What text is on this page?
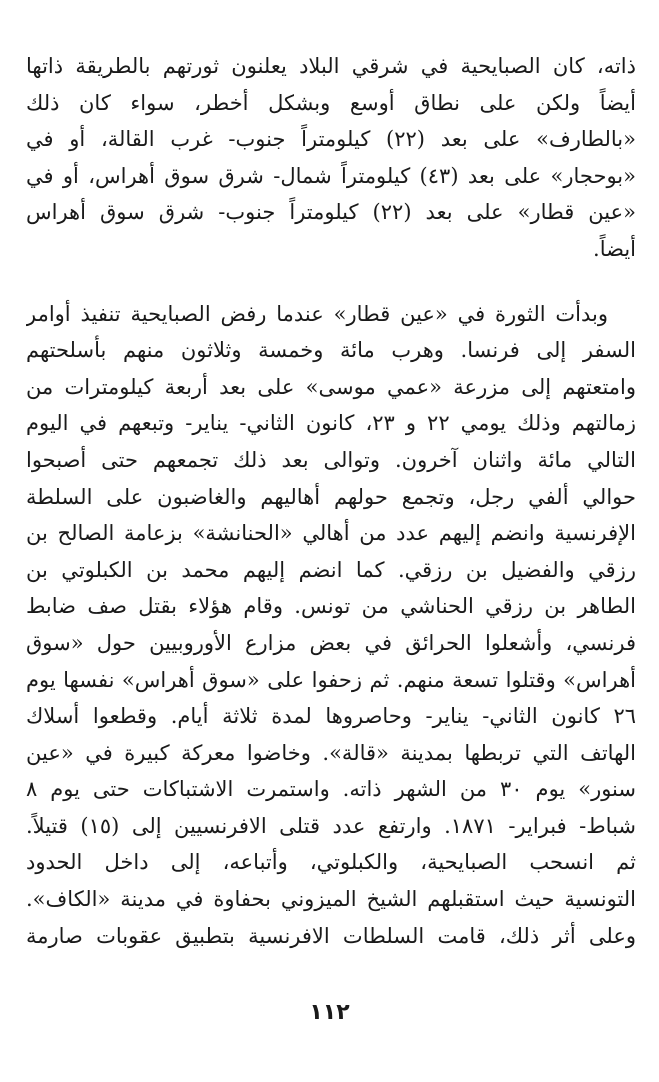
ذاته، كان الصبايحية في شرقي البلاد يعلنون ثورتهم بالطريقة ذاتها
أيضاً ولكن على نطاق أوسع وبشكل أخطر، سواء كان ذلك
«بالطارف» على بعد (٢٢) كيلومتراً جنوب- غرب القالة، أو في
«بوحجار» على بعد (٤٣) كيلومتراً شمال- شرق سوق أهراس، أو في
«عين قطار» على بعد (٢٢) كيلومتراً جنوب- شرق سوق أهراس
أيضاً.
وبدأت الثورة في «عين قطار» عندما رفض الصبايحية تنفيذ أوامر
السفر إلى فرنسا. وهرب مائة وخمسة وثلاثون منهم بأسلحتهم
وامتعتهم إلى مزرعة «عمي موسى» على بعد أربعة كيلومترات من
زمالتهم وذلك يومي ٢٢ و ٢٣، كانون الثاني- يناير- وتبعهم في اليوم
التالي مائة واثنان آخرون. وتوالى بعد ذلك تجمعهم حتى أصبحوا
حوالي ألفي رجل، وتجمع حولهم أهاليهم والغاضبون على السلطة
الإفرنسية وانضم إليهم عدد من أهالي «الحنانشة» بزعامة الصالح بن
رزقي والفضيل بن رزقي. كما انضم إليهم محمد بن الكبلوتي بن
الطاهر بن رزقي الحناشي من تونس. وقام هؤلاء بقتل صف ضابط
فرنسي، وأشعلوا الحرائق في بعض مزارع الأوروبيين حول «سوق
أهراس» وقتلوا تسعة منهم. ثم زحفوا على «سوق أهراس» نفسها يوم
٢٦ كانون الثاني- يناير- وحاصروها لمدة ثلاثة أيام. وقطعوا أسلاك
الهاتف التي تربطها بمدينة «قالة». وخاضوا معركة كبيرة في «عين
سنور» يوم ٣٠ من الشهر ذاته. واستمرت الاشتباكات حتى يوم ٨
شباط- فبراير- ١٨٧١. وارتفع عدد قتلى الافرنسيين إلى (١٥) قتيلاً.
ثم انسحب الصبايحية، والكبلوتي، وأتباعه، إلى داخل الحدود
التونسية حيث استقبلهم الشيخ الميزوني بحفاوة في مدينة «الكاف».
وعلى أثر ذلك، قامت السلطات الافرنسية بتطبيق عقوبات صارمة
١١٢
